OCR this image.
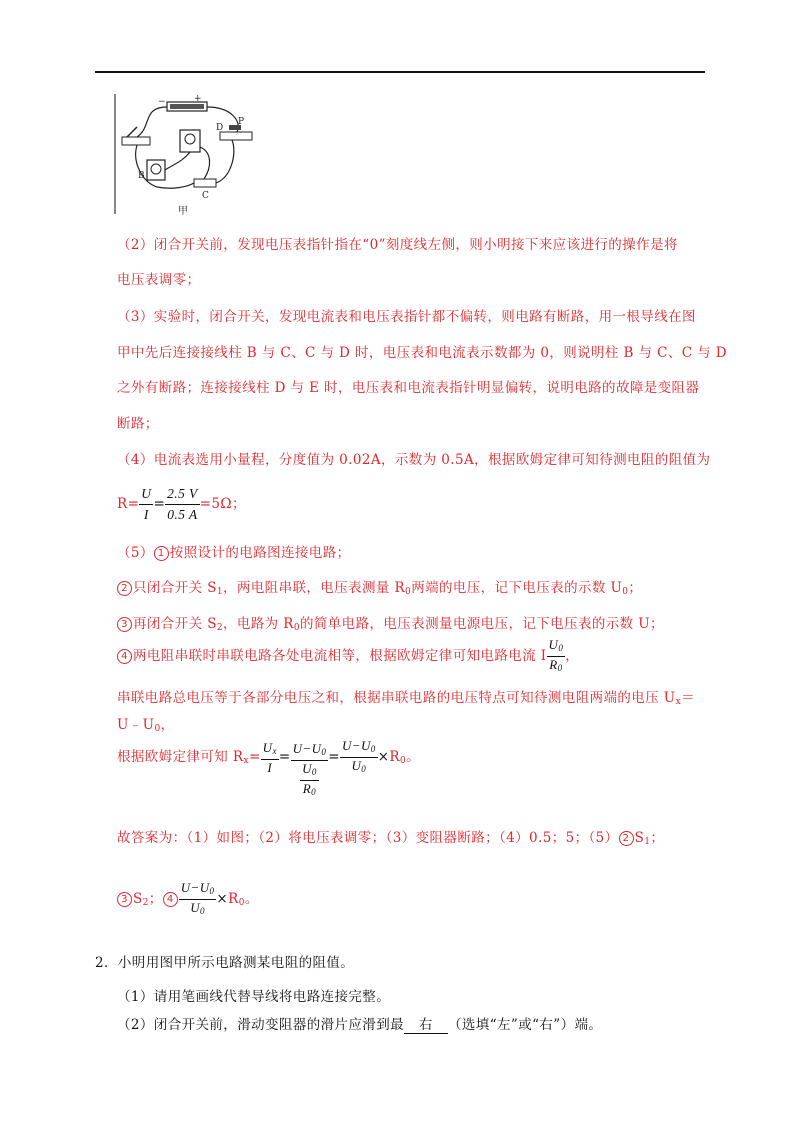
−	+
D
P
B
C
甲
（2）闭合开关前，发现电压表指针指在“0”刻度线左侧，则小明接下来应该进行的操作是将
电压表调零；
（3）实验时，闭合开关，发现电流表和电压表指针都不偏转，则电路有断路，用一根导线在图
甲中先后连接接线柱 B 与 C、C 与 D 时，电压表和电流表示数都为 0，则说明柱 B 与 C、C 与 D
之外有断路；连接接线柱 D 与 E 时，电压表和电流表指针明显偏转，说明电路的故障是变阻器
断路；
（4）电流表选用小量程，分度值为 0.02A，示数为 0.5A，根据欧姆定律可知待测电阻的阻值为
$R= \frac{U}{I} = \frac{2.5 V}{0.5 A} =5\Omega$；
（5） 1 按照设计的电路图连接电路；
2 只闭合开关 $S_1$，两电阻串联，电压表测量 $R_0$两端的电压，记下电压表的示数 $U_0$；
3 再闭合开关 $S_2$，电路为 $R_0$的简单电路，电压表测量电源电压，记下电压表的示数 U；
4 两电阻串联时串联电路各处电流相等，根据欧姆定律可知电路电流 I $\frac{U_0}{R_0}$ ，
串联电路总电压等于各部分电压之和，根据串联电路的电压特点可知待测电阻两端的电压 $U_x=$
$U﹣U_0$，
根据欧姆定律可知 $R_x= \frac{U_x}{I} = \frac{U-U_0}{\frac{U_0}{R_0}} = \frac{U-U_0}{U_0} \times R_0$。
故答案为：（1）如图；（2）将电压表调零；（3）变阻器断路；（4）0.5；5；（5） 2 $S_1$；
3 $S_2$； $4 \frac{U-U_0}{U_0} \times R_0$。
2．小明用图甲所示电路测某电阻的阻值。
（1）请用笔画线代替导线将电路连接完整。
（2）闭合开关前，滑动变阻器的滑片应滑到最 右 （选填“左”或“右”）端。
